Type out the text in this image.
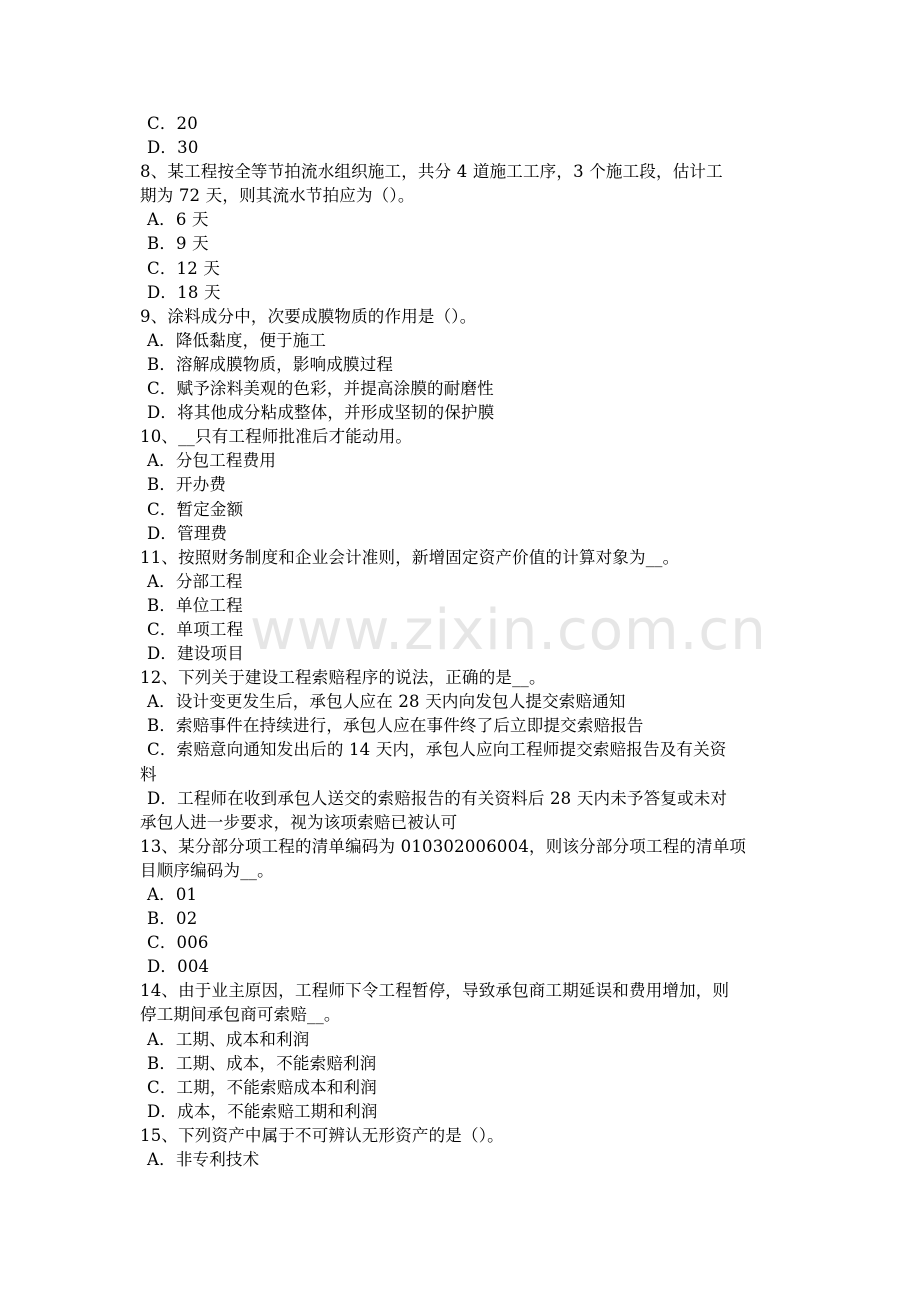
C．20
D．30
8、某工程按全等节拍流水组织施工，共分 4 道施工工序，3 个施工段，估计工
期为 72 天，则其流水节拍应为（）。
A．6 天
B．9 天
C．12 天
D．18 天
9、涂料成分中，次要成膜物质的作用是（）。
A．降低黏度，便于施工
B．溶解成膜物质，影响成膜过程
C．赋予涂料美观的色彩，并提高涂膜的耐磨性
D．将其他成分粘成整体，并形成坚韧的保护膜
10、__只有工程师批准后才能动用。
A．分包工程费用
B．开办费
C．暂定金额
D．管理费
11、按照财务制度和企业会计准则，新增固定资产价值的计算对象为__。
A．分部工程
B．单位工程
C．单项工程
D．建设项目
12、下列关于建设工程索赔程序的说法，正确的是__。
A．设计变更发生后，承包人应在 28 天内向发包人提交索赔通知
B．索赔事件在持续进行，承包人应在事件终了后立即提交索赔报告
C．索赔意向通知发出后的 14 天内，承包人应向工程师提交索赔报告及有关资
料
D．工程师在收到承包人送交的索赔报告的有关资料后 28 天内未予答复或未对
承包人进一步要求，视为该项索赔已被认可
13、某分部分项工程的清单编码为 010302006004，则该分部分项工程的清单项
目顺序编码为__。
A．01
B．02
C．006
D．004
14、由于业主原因，工程师下令工程暂停，导致承包商工期延误和费用增加，则
停工期间承包商可索赔__。
A．工期、成本和利润
B．工期、成本，不能索赔利润
C．工期，不能索赔成本和利润
D．成本，不能索赔工期和利润
15、下列资产中属于不可辨认无形资产的是（）。
A．非专利技术
www.zixin.com.cn
